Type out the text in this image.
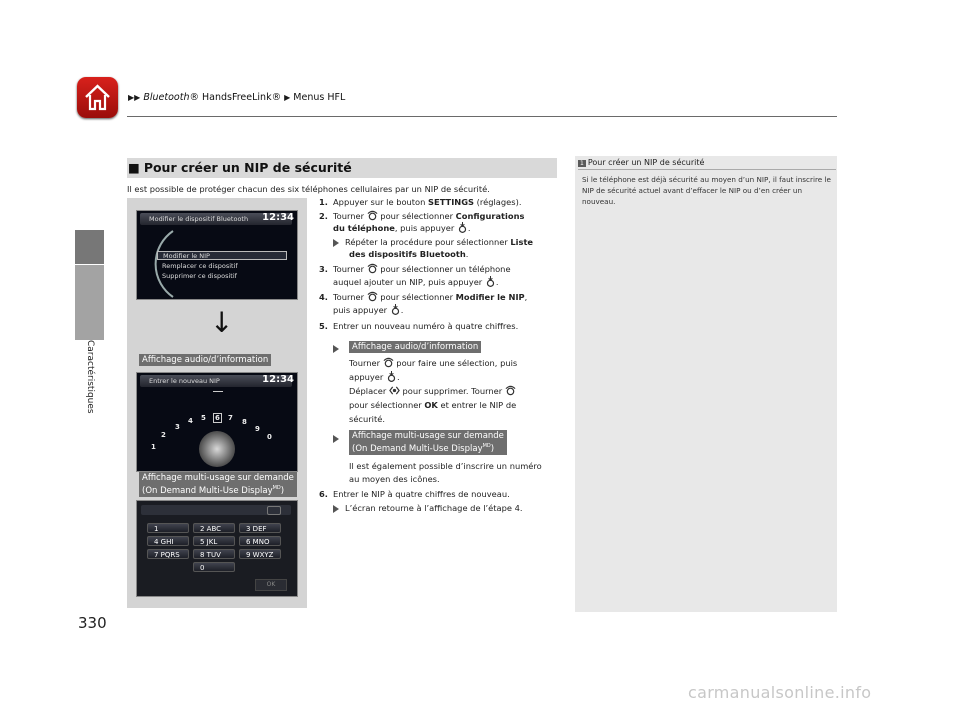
▶▶ Bluetooth® HandsFreeLink® ▶ Menus HFL
Caractéristiques
330
■ Pour créer un NIP de sécurité
Il est possible de protéger chacun des six téléphones cellulaires par un NIP de sécurité.
Modifier le dispositif Bluetooth	12:34
Modifier le NIP
Remplacer ce dispositif
Supprimer ce dispositif
↓
Affichage audio/d’information
Entrer le nouveau NIP	12:34
1
2
3
4 5 6 7 8
9
0
Affichage multi-usage sur demande
(On Demand Multi-Use Display$^{MD}$)
1	2 ABC	3 DEF
4 GHI	5 JKL	6 MNO
7 PQRS	8 TUV	9 WXYZ
0
OK
1. Appuyer sur le bouton SETTINGS (réglages).
2. Tourner  pour sélectionner Configurations
du téléphone, puis appuyer .
Répéter la procédure pour sélectionner Liste
des dispositifs Bluetooth.
3. Tourner  pour sélectionner un téléphone
auquel ajouter un NIP, puis appuyer .
4. Tourner  pour sélectionner Modifier le NIP,
puis appuyer .
5. Entrer un nouveau numéro à quatre chiffres.
Affichage audio/d’information
Tourner  pour faire une sélection, puis
appuyer .
Déplacer  pour supprimer. Tourner
pour sélectionner OK et entrer le NIP de
sécurité.
Affichage multi-usage sur demande
(On Demand Multi-Use Display$^{MD}$)
Il est également possible d’inscrire un numéro
au moyen des icônes.
6. Entrer le NIP à quatre chiffres de nouveau.
L’écran retourne à l’affichage de l’étape 4.
1 Pour créer un NIP de sécurité
Si le téléphone est déjà sécurité au moyen d’un NIP, il faut inscrire le NIP de sécurité actuel avant d’effacer le NIP ou d’en créer un nouveau.
carmanualsonline.info
